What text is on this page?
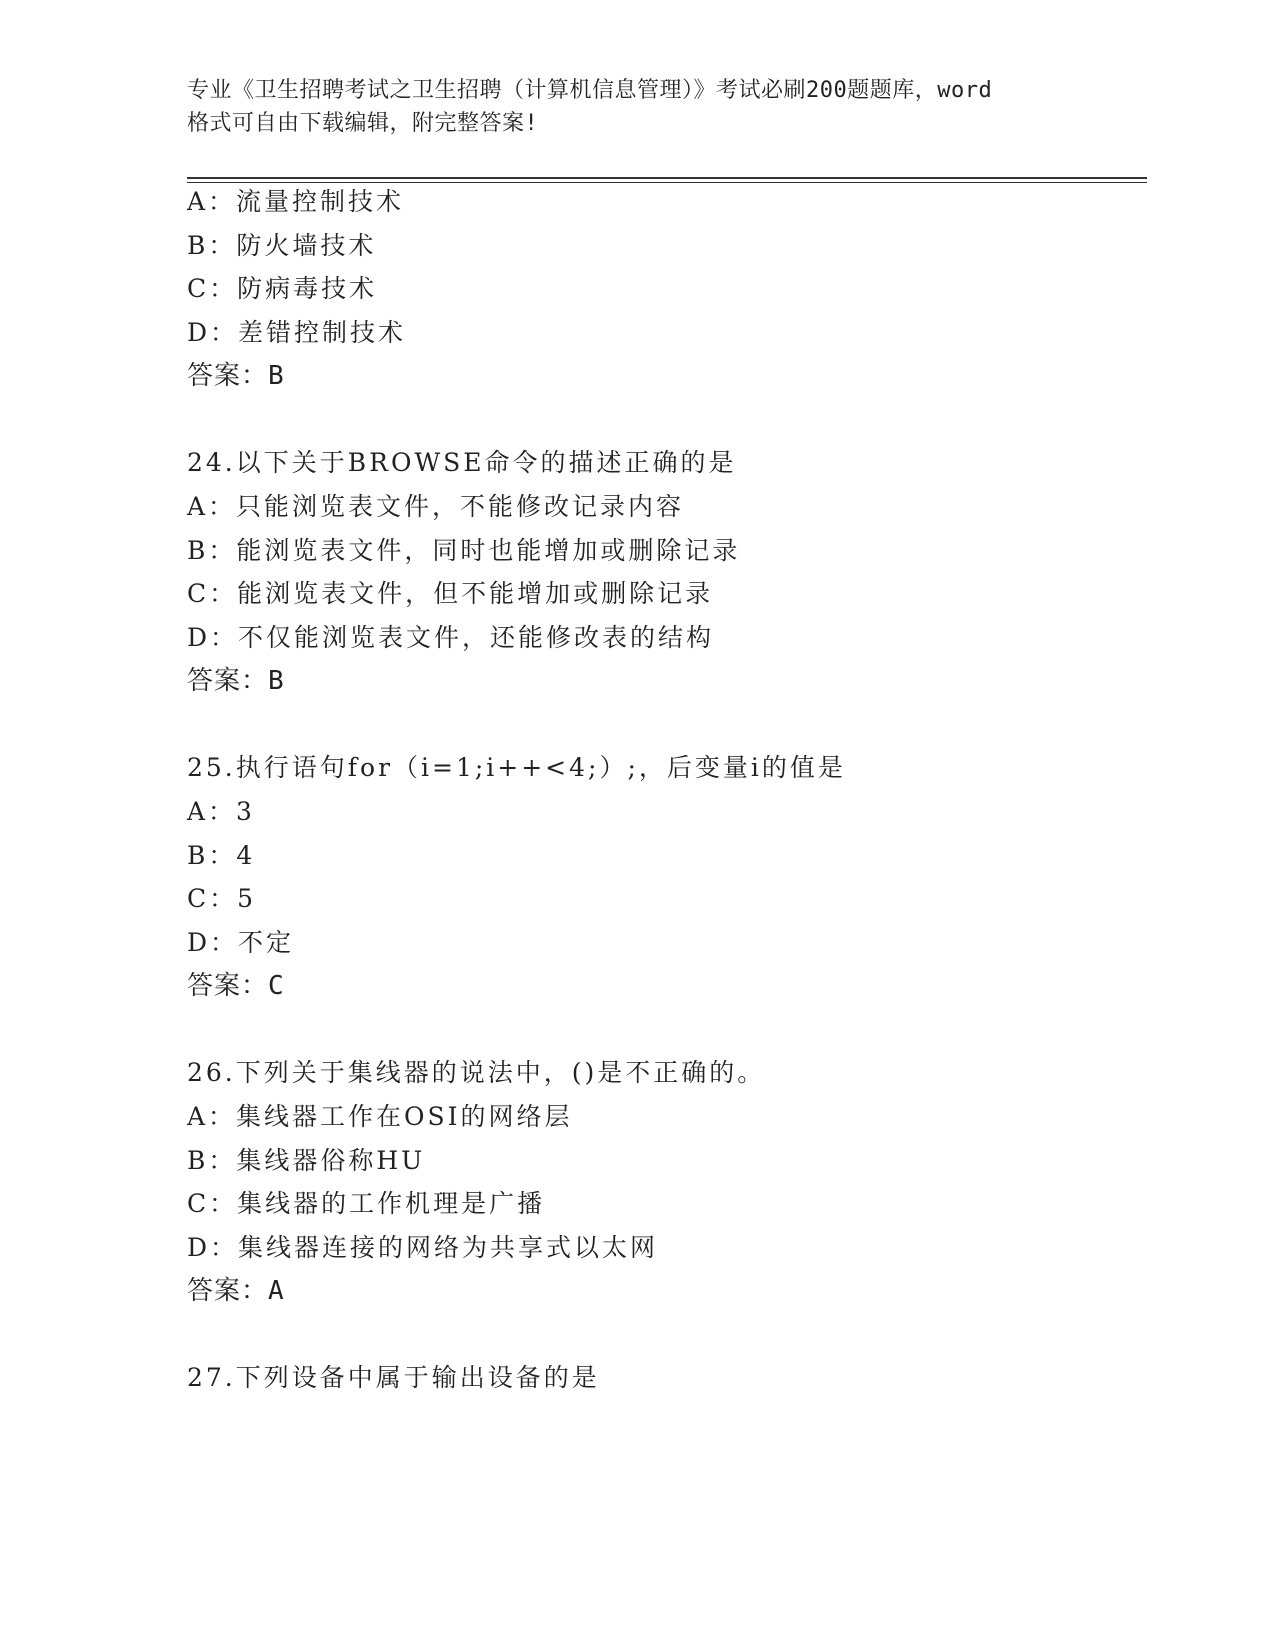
专业《卫生招聘考试之卫生招聘（计算机信息管理）》考试必刷200题题库，word
格式可自由下载编辑，附完整答案!
A：流量控制技术
B：防火墙技术
C：防病毒技术
D：差错控制技术
答案：B
24.以下关于BROWSE命令的描述正确的是
A：只能浏览表文件，不能修改记录内容
B：能浏览表文件，同时也能增加或删除记录
C：能浏览表文件，但不能增加或删除记录
D：不仅能浏览表文件，还能修改表的结构
答案：B
25.执行语句for（i=1;i++<4;）;，后变量i的值是
A：3
B：4
C：5
D：不定
答案：C
26.下列关于集线器的说法中，()是不正确的。
A：集线器工作在OSI的网络层
B：集线器俗称HU
C：集线器的工作机理是广播
D：集线器连接的网络为共享式以太网
答案：A
27.下列设备中属于输出设备的是
